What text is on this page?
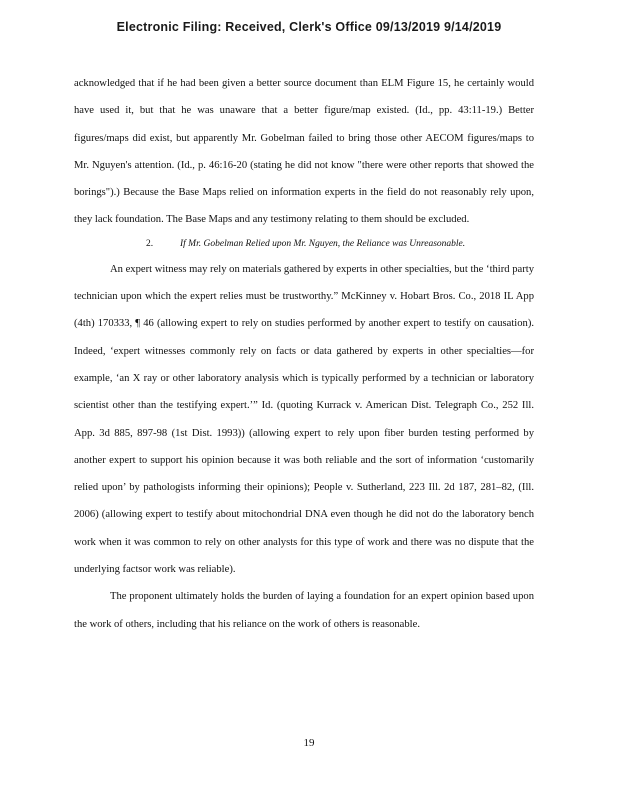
Electronic Filing: Received, Clerk's Office 09/13/2019 9/14/2019

acknowledged that if he had been given a better source document than ELM Figure 15, he certainly would have used it, but that he was unaware that a better figure/map existed. (Id., pp. 43:11-19.) Better figures/maps did exist, but apparently Mr. Gobelman failed to bring those other AECOM figures/maps to Mr. Nguyen's attention. (Id., p. 46:16-20 (stating he did not know "there were other reports that showed the borings").) Because the Base Maps relied on information experts in the field do not reasonably rely upon, they lack foundation. The Base Maps and any testimony relating to them should be excluded.

2.	If Mr. Gobelman Relied upon Mr. Nguyen, the Reliance was Unreasonable.

An expert witness may rely on materials gathered by experts in other specialties, but the ‘third party technician upon which the expert relies must be trustworthy.” McKinney v. Hobart Bros. Co., 2018 IL App (4th) 170333, ¶ 46 (allowing expert to rely on studies performed by another expert to testify on causation). Indeed, ‘expert witnesses commonly rely on facts or data gathered by experts in other specialties—for example, ‘an X ray or other laboratory analysis which is typically performed by a technician or laboratory scientist other than the testifying expert.’” Id. (quoting Kurrack v. American Dist. Telegraph Co., 252 Ill. App. 3d 885, 897-98 (1st Dist. 1993)) (allowing expert to rely upon fiber burden testing performed by another expert to support his opinion because it was both reliable and the sort of information ‘customarily relied upon’ by pathologists informing their opinions); People v. Sutherland, 223 Ill. 2d 187, 281–82, (Ill. 2006) (allowing expert to testify about mitochondrial DNA even though he did not do the laboratory bench work when it was common to rely on other analysts for this type of work and there was no dispute that the underlying factsor work was reliable).

The proponent ultimately holds the burden of laying a foundation for an expert opinion based upon the work of others, including that his reliance on the work of others is reasonable.

19
